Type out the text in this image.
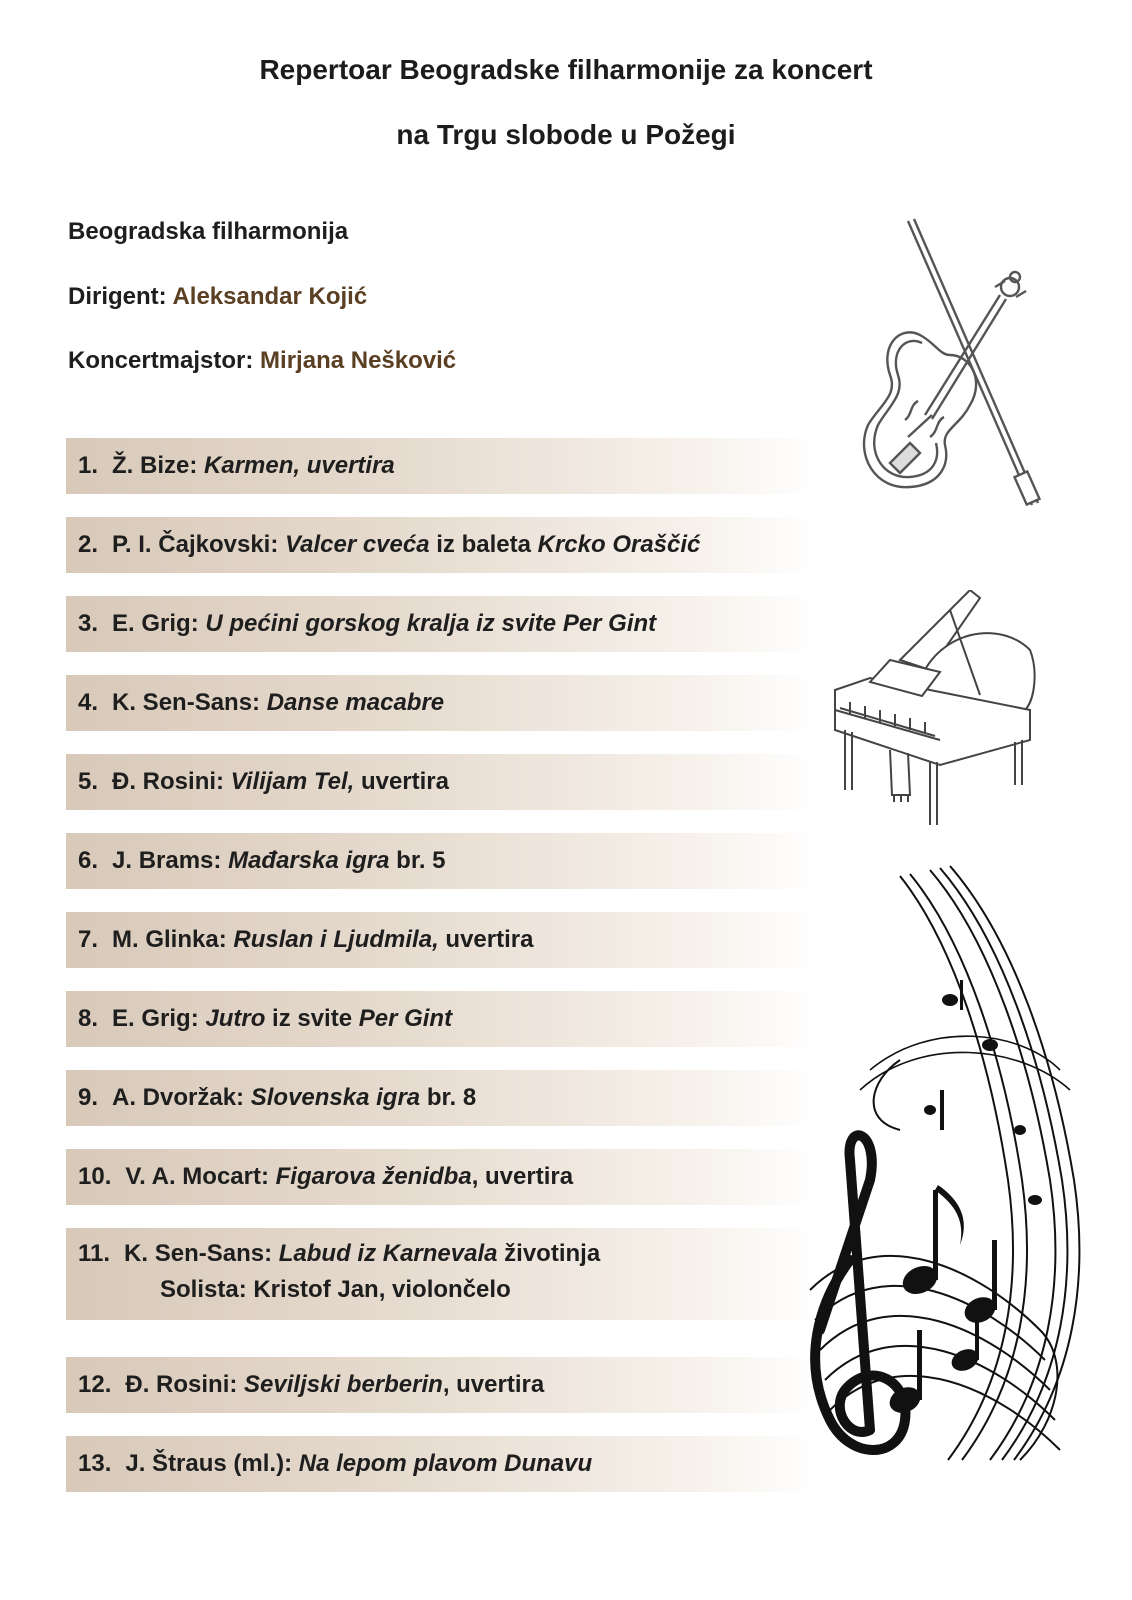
Repertoar Beogradske filharmonije za koncert
na Trgu slobode u Požegi
Beogradska filharmonija
Dirigent: Aleksandar Kojić
Koncertmajstor: Mirjana Nešković
1. Ž. Bize: Karmen, uvertira
2. P. I. Čajkovski: Valcer cveća iz baleta Krcko Oraščić
3. E. Grig: U pećini gorskog kralja iz svite Per Gint
4. K. Sen-Sans: Danse macabre
5. Đ. Rosini: Vilijam Tel, uvertira
6. J. Brams: Mađarska igra br. 5
7. M. Glinka: Ruslan i Ljudmila, uvertira
8. E. Grig: Jutro iz svite Per Gint
9. A. Dvoržak: Slovenska igra br. 8
10. V. A. Mocart: Figarova ženidba, uvertira
11. K. Sen-Sans: Labud iz Karnevala životinja
Solista: Kristof Jan, violončelo
12. Đ. Rosini: Seviljski berberin, uvertira
13. J. Štraus (ml.): Na lepom plavom Dunavu
